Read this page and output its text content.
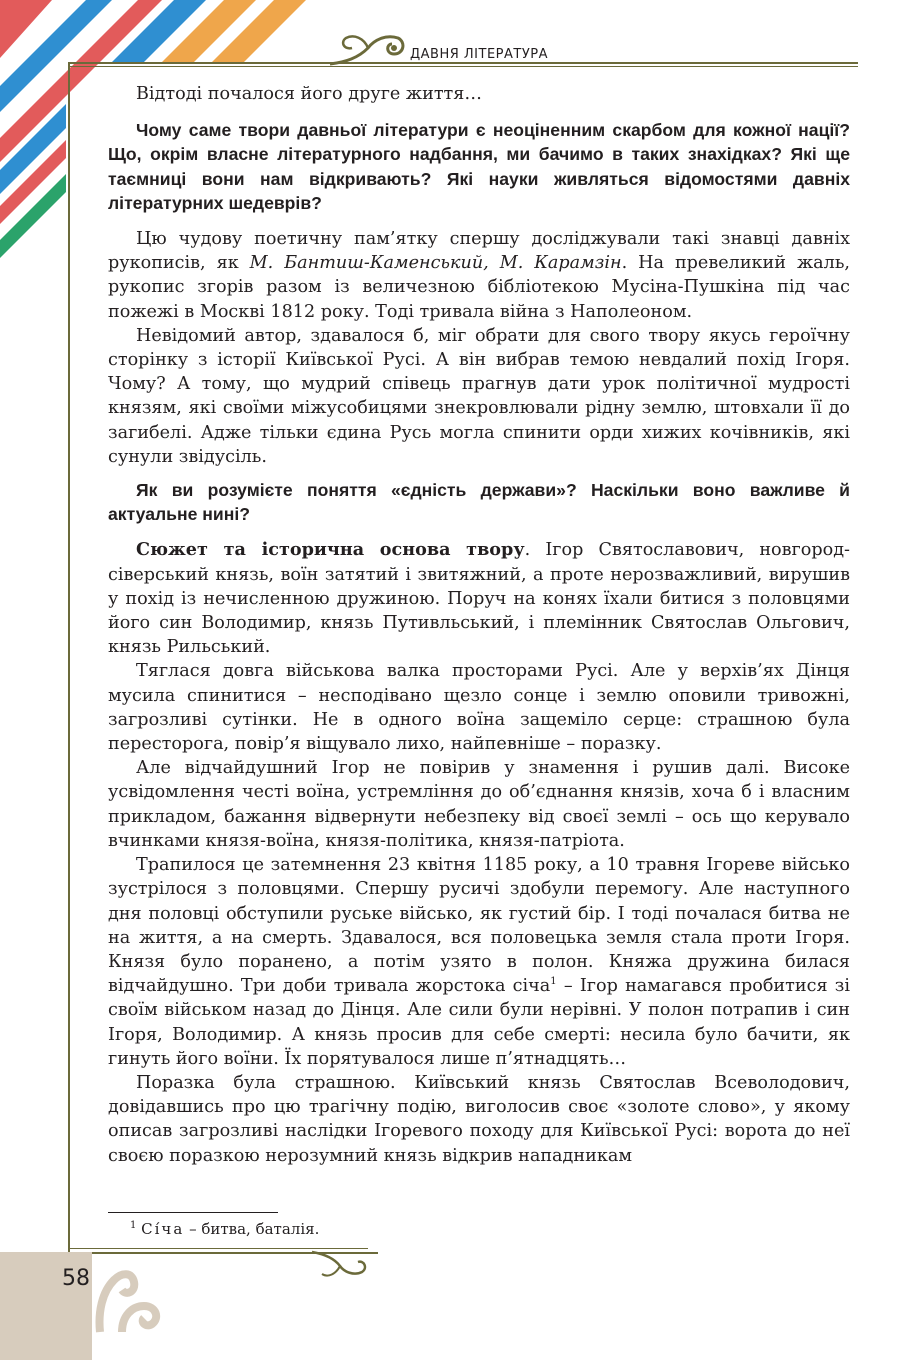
ДАВНЯ ЛІТЕРАТУРА

Відтоді почалося його друге життя…

Чому саме твори давньої літератури є неоціненним скарбом для кожної нації? Що, окрім власне літературного надбання, ми бачимо в таких знахідках? Які ще таємниці вони нам відкривають? Які науки живляться відомостями давніх літературних шедеврів?

Цю чудову поетичну пам’ятку спершу досліджували такі знавці давніх рукописів, як М. Бантиш-Каменський, М. Карамзін. На превеликий жаль, рукопис згорів разом із величезною бібліотекою Мусіна-Пушкіна під час пожежі в Москві 1812 року. Тоді тривала війна з Наполеоном.

Невідомий автор, здавалося б, міг обрати для свого твору якусь героїчну сторінку з історії Київської Русі. А він вибрав темою невдалий похід Ігоря. Чому? А тому, що мудрий співець прагнув дати урок політичної мудрості князям, які своїми міжусобицями знекровлювали рідну землю, штовхали її до загибелі. Адже тільки єдина Русь могла спинити орди хижих кочівників, які сунули звідусіль.

Як ви розумієте поняття «єдність держави»? Наскільки воно важливе й актуальне нині?

Сюжет та історична основа твору. Ігор Святославович, новгород-сіверський князь, воїн затятий і звитяжний, а проте нерозважливий, вирушив у похід із нечисленною дружиною. Поруч на конях їхали битися з половцями його син Володимир, князь Путивльський, і племінник Святослав Ольгович, князь Рильський.

Тяглася довга військова валка просторами Русі. Але у верхів’ях Дінця мусила спинитися – несподівано щезло сонце і землю оповили тривожні, загрозливі сутінки. Не в одного воїна защеміло серце: страшною була пересторога, повір’я віщувало лихо, найпевніше – поразку.

Але відчайдушний Ігор не повірив у знамення і рушив далі. Високе усвідомлення честі воїна, устремління до об’єднання князів, хоча б і власним прикладом, бажання відвернути небезпеку від своєї землі – ось що керувало вчинками князя-воїна, князя-політика, князя-патріота.

Трапилося це затемнення 23 квітня 1185 року, а 10 травня Ігореве військо зустрілося з половцями. Спершу русичі здобули перемогу. Але наступного дня половці обступили руське військо, як густий бір. І тоді почалася битва не на життя, а на смерть. Здавалося, вся половецька земля стала проти Ігоря. Князя було поранено, а потім узято в полон. Княжа дружина билася відчайдушно. Три доби тривала жорстока січа$^1$ – Ігор намагався пробитися зі своїм військом назад до Дінця. Але сили були нерівні. У полон потрапив і син Ігоря, Володимир. А князь просив для себе смерті: несила було бачити, як гинуть його воїни. Їх порятувалося лише п’ятнадцять…

Поразка була страшною. Київський князь Святослав Всеволодович, довідавшись про цю трагічну подію, виголосив своє «золоте слово», у якому описав загрозливі наслідки Ігоревого походу для Київської Русі: ворота до неї своєю поразкою нерозумний князь відкрив нападникам

$^1$ Сі́ча – битва, баталія.
58
